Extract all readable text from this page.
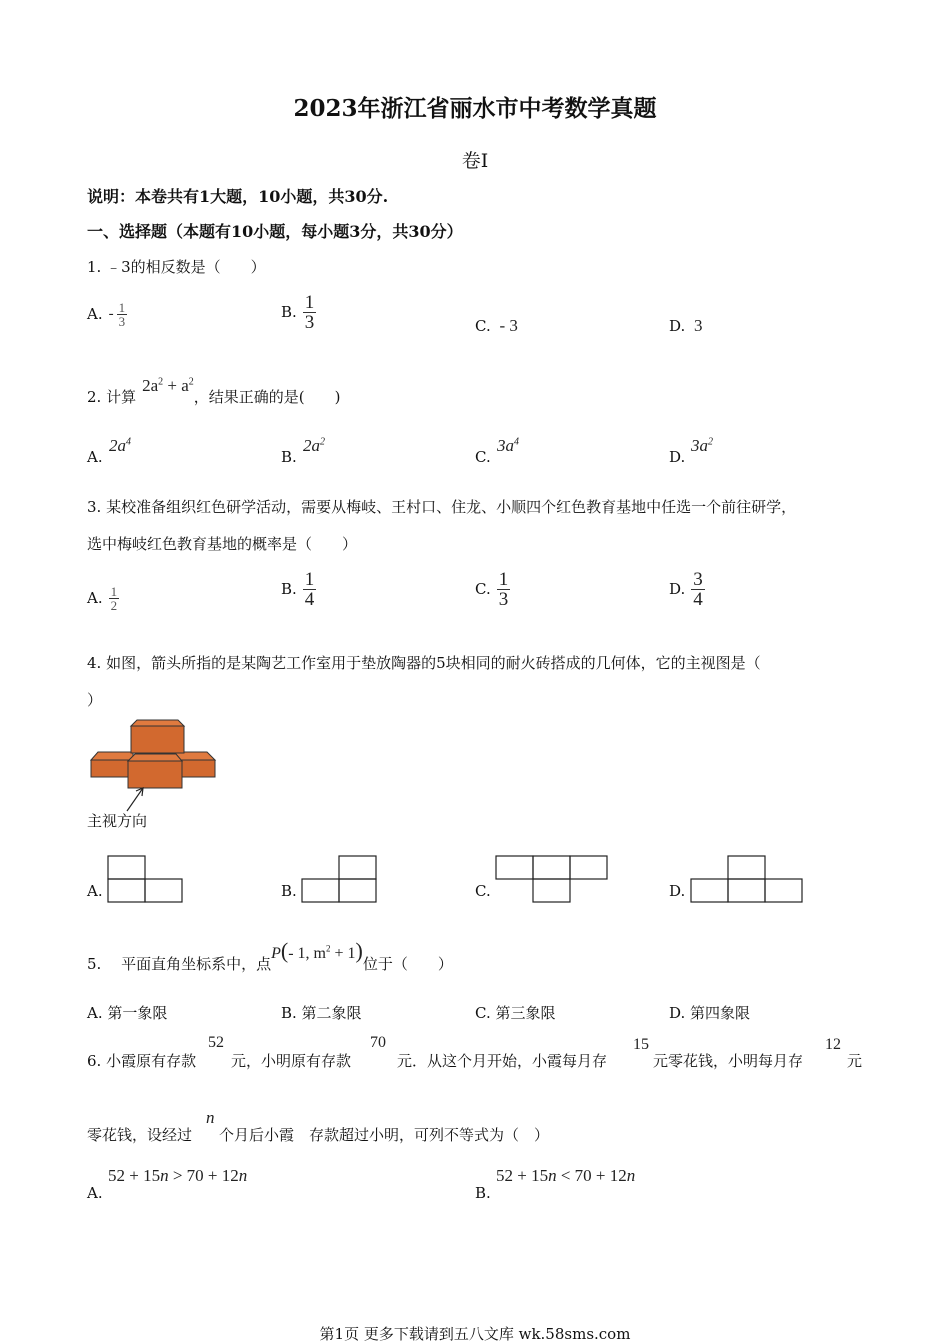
2023年浙江省丽水市中考数学真题
卷Ⅰ
说明：本卷共有1大题，10小题，共30分.
一、选择题（本题有10小题，每小题3分，共30分）
1. ﹣3的相反数是（　　）
A. - $\frac{1}{3}$	B. $\frac{1}{3}$	C. - 3	D. 3
2. 计算
$2a^2 + a^2$
，结果正确的是(　　)
A.
$2a^4$
B.
$2a^2$
C.
$3a^4$
D.
$3a^2$
3. 某校准备组织红色研学活动，需要从梅岐、王村口、住龙、小顺四个红色教育基地中任选一个前往研学，
选中梅岐红色教育基地的概率是（　　）
A. $\frac{1}{2}$	B. $\frac{1}{4}$	C. $\frac{1}{3}$	D. $\frac{3}{4}$
4. 如图，箭头所指的是某陶艺工作室用于垫放陶器的5块相同的耐火砖搭成的几何体，它的主视图是（
）
主视方向
A.	B.	C.	D.
5.　 平面直角坐标系中，点
P(- 1, $m^2 + 1$)
位于（　　）
A. 第一象限	B. 第二象限	C. 第三象限	D. 第四象限
6. 小霞原有存款
52
元，小明原有存款
70
元．从这个月开始，小霞每月存
15
元零花钱，小明每月存
12
元
零花钱，设经过
n
个月后小霞　存款超过小明，可列不等式为（　）
A.
52 + 15n > 70 + 12n
B.
52 + 15n < 70 + 12n
第1页 更多下载请到五八文库 wk.58sms.com
